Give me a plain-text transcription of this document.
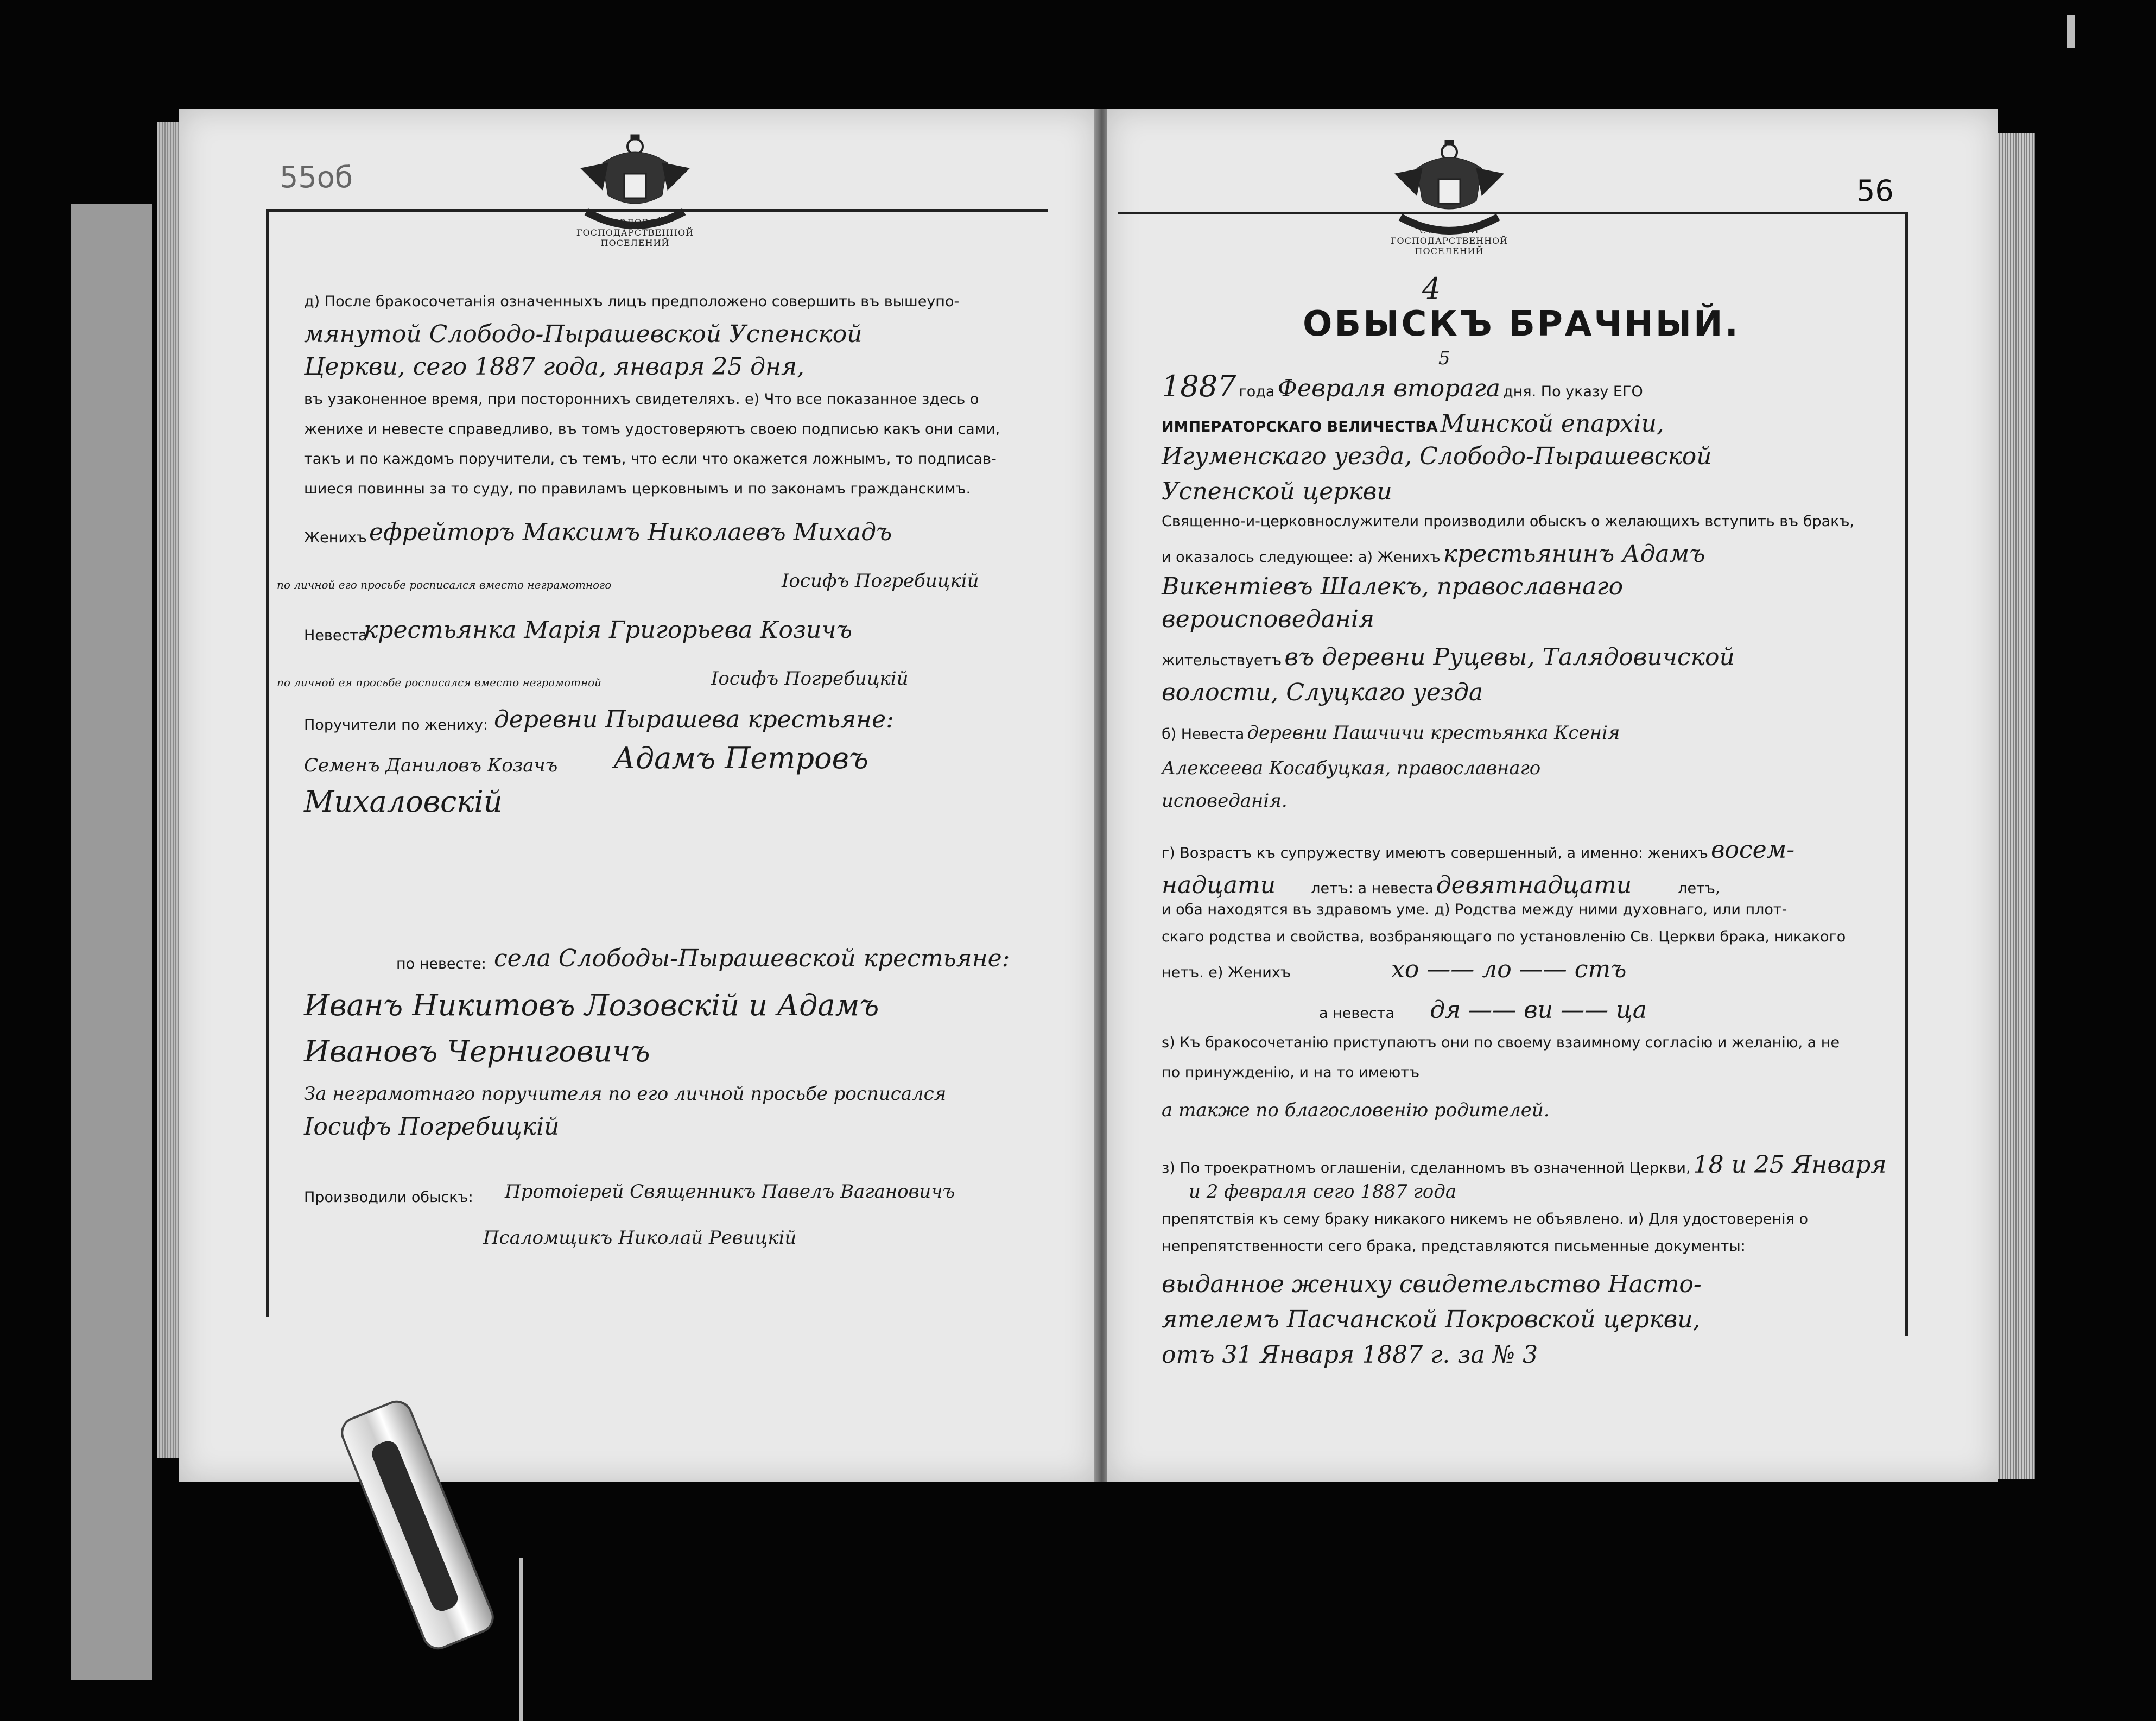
55об
СТОЛОВОЙ ГОСПОДАРСТВЕННОЙ ПОСЕЛЕНИЙ
д) После бракосочетанія означенныхъ лицъ предположено совершить въ вышеупо-
мянутой Слободо-Пырашевской Успенской
Церкви, сего 1887 года, января 25 дня,
въ узаконенное время, при постороннихъ свидетеляхъ. е) Что все показанное здесь о
женихе и невесте справедливо, въ томъ удостоверяютъ своею подписью какъ они сами,
такъ и по каждомъ поручители, съ темъ, что если что окажется ложнымъ, то подписав-
шиеся повинны за то суду, по правиламъ церковнымъ и по законамъ гражданскимъ.
Женихъ ефрейторъ Максимъ Николаевъ Михадъ
по личной его просьбе росписался вместо неграмотного	Іосифъ Погребицкій
Невеста
крестьянка Марія Григорьева Козичъ
по личной ея просьбе росписался вместо неграмотной	Іосифъ Погребицкій
Поручители по жениху: деревни Пырашева крестьяне:
Семенъ Даниловъ Козачъ Адамъ Петровъ
Михаловскій
по невесте: села Слободы-Пырашевской крестьяне:
Иванъ Никитовъ Лозовскій и Адамъ
Ивановъ Черниговичъ
За неграмотнаго поручителя по его личной просьбе росписался
Іосифъ Погребицкій
Производили обыскъ: Протоіерей Священникъ Павелъ Вагановичъ
Псаломщикъ Николай Ревицкій
56
СТОЛОВОЙ ГОСПОДАРСТВЕННОЙ ПОСЕЛЕНИЙ
4
ОБЫСКЪ БРАЧНЫЙ.
5
1887 года Февраля вторага дня. По указу ЕГО
ИМПЕРАТОРСКАГО ВЕЛИЧЕСТВА Минской епархіи,
Игуменскаго уезда, Слободо-Пырашевской
Успенской церкви
Священно-и-церковнослужители производили обыскъ о желающихъ вступить въ бракъ,
и оказалось следующее: а) Женихъ крестьянинъ Адамъ
Викентіевъ Шалекъ, православнаго
вероисповеданія
жительствуетъ въ деревни Руцевы, Талядовичской
волости, Слуцкаго уезда
б) Невеста деревни Пашчичи крестьянка Ксенія
Алексеева Косабуцкая, православнаго
исповеданія.
г) Возрастъ къ супружеству имеютъ совершенный, а именно: женихъ восем-
надцати летъ: а невеста девятнадцати	летъ,
и оба находятся въ здравомъ уме. д) Родства между ними духовнаго, или плот-
скаго родства и свойства, возбраняющаго по установленію Св. Церкви брака, никакого
нетъ. е) Женихъ	хо —— ло —— стъ
а невеста дя —— ви —— ца
ѕ) Къ бракосочетанію приступаютъ они по своему взаимному согласію и желанію, а не
по принужденію, и на то имеютъ
а также по благословенію родителей.
з) По троекратномъ оглашеніи, сделанномъ въ означенной Церкви, 18 и 25 Января
и 2 февраля сего 1887 года
препятствія къ сему браку никакого никемъ не объявлено. и) Для удостоверенія о
непрепятственности сего брака, представляются письменные документы:
выданное жениху свидетельство Насто-
ятелемъ Пасчанской Покровской церкви,
отъ 31 Января 1887 г. за № 3
